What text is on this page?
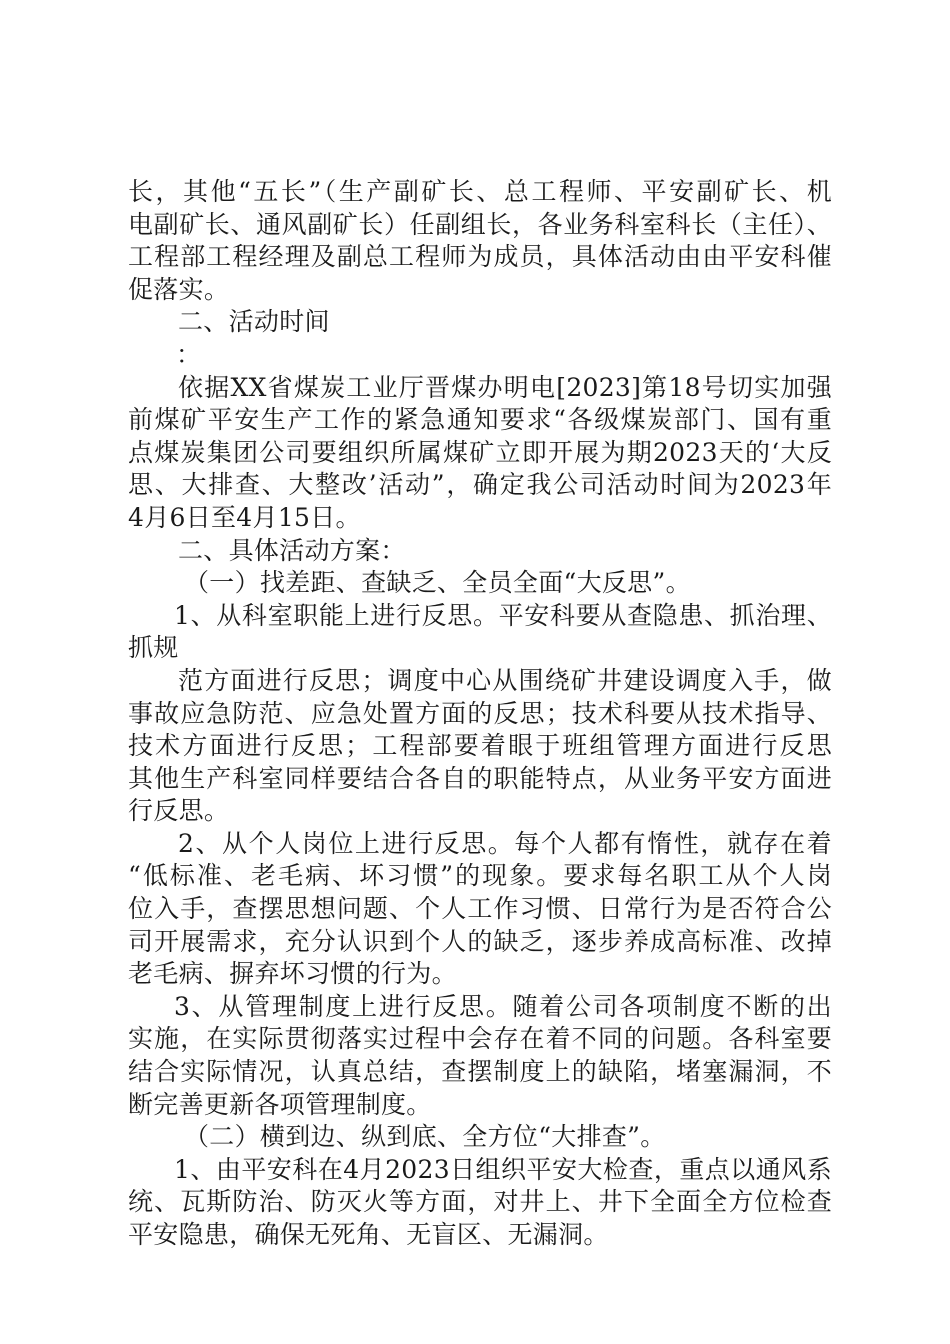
长，其他“五长”（生产副矿长、总工程师、平安副矿长、机
电副矿长、通风副矿长）任副组长，各业务科室科长（主任）、
工程部工程经理及副总工程师为成员，具体活动由由平安科催
促落实。
二、活动时间
：
依据XX省煤炭工业厅晋煤办明电[2023]第18号切实加强
前煤矿平安生产工作的紧急通知要求“各级煤炭部门、国有重
点煤炭集团公司要组织所属煤矿立即开展为期2023天的‘大反
思、大排查、大整改’活动”，确定我公司活动时间为2023年
4月6日至4月15日。
二、具体活动方案：
（一）找差距、查缺乏、全员全面“大反思”。
1、从科室职能上进行反思。平安科要从查隐患、抓治理、
抓规
范方面进行反思；调度中心从围绕矿井建设调度入手，做
事故应急防范、应急处置方面的反思；技术科要从技术指导、
技术方面进行反思；工程部要着眼于班组管理方面进行反思
其他生产科室同样要结合各自的职能特点，从业务平安方面进
行反思。
2、从个人岗位上进行反思。每个人都有惰性，就存在着
“低标准、老毛病、坏习惯”的现象。要求每名职工从个人岗
位入手，查摆思想问题、个人工作习惯、日常行为是否符合公
司开展需求，充分认识到个人的缺乏，逐步养成高标准、改掉
老毛病、摒弃坏习惯的行为。
3、从管理制度上进行反思。随着公司各项制度不断的出
实施，在实际贯彻落实过程中会存在着不同的问题。各科室要
结合实际情况，认真总结，查摆制度上的缺陷，堵塞漏洞，不
断完善更新各项管理制度。
（二）横到边、纵到底、全方位“大排查”。
1、由平安科在4月2023日组织平安大检查，重点以通风系
统、瓦斯防治、防灭火等方面，对井上、井下全面全方位检查
平安隐患，确保无死角、无盲区、无漏洞。
